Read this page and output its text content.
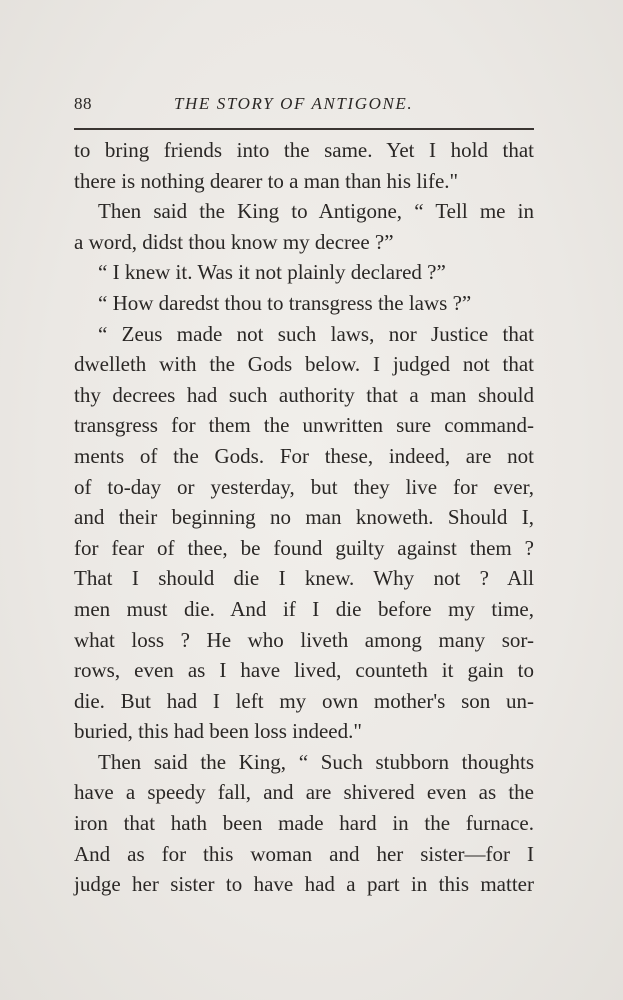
88	THE STORY OF ANTIGONE.
to bring friends into the same. Yet I hold that
there is nothing dearer to a man than his life."
Then said the King to Antigone, “ Tell me in
a word, didst thou know my decree ?”
“ I knew it. Was it not plainly declared ?”
“ How daredst thou to transgress the laws ?”
“ Zeus made not such laws, nor Justice that
dwelleth with the Gods below. I judged not that
thy decrees had such authority that a man should
transgress for them the unwritten sure command-
ments of the Gods. For these, indeed, are not
of to-day or yesterday, but they live for ever,
and their beginning no man knoweth. Should I,
for fear of thee, be found guilty against them ?
That I should die I knew. Why not ? All
men must die. And if I die before my time,
what loss ? He who liveth among many sor-
rows, even as I have lived, counteth it gain to
die. But had I left my own mother's son un-
buried, this had been loss indeed."
Then said the King, “ Such stubborn thoughts
have a speedy fall, and are shivered even as the
iron that hath been made hard in the furnace.
And as for this woman and her sister—for I
judge her sister to have had a part in this matter
